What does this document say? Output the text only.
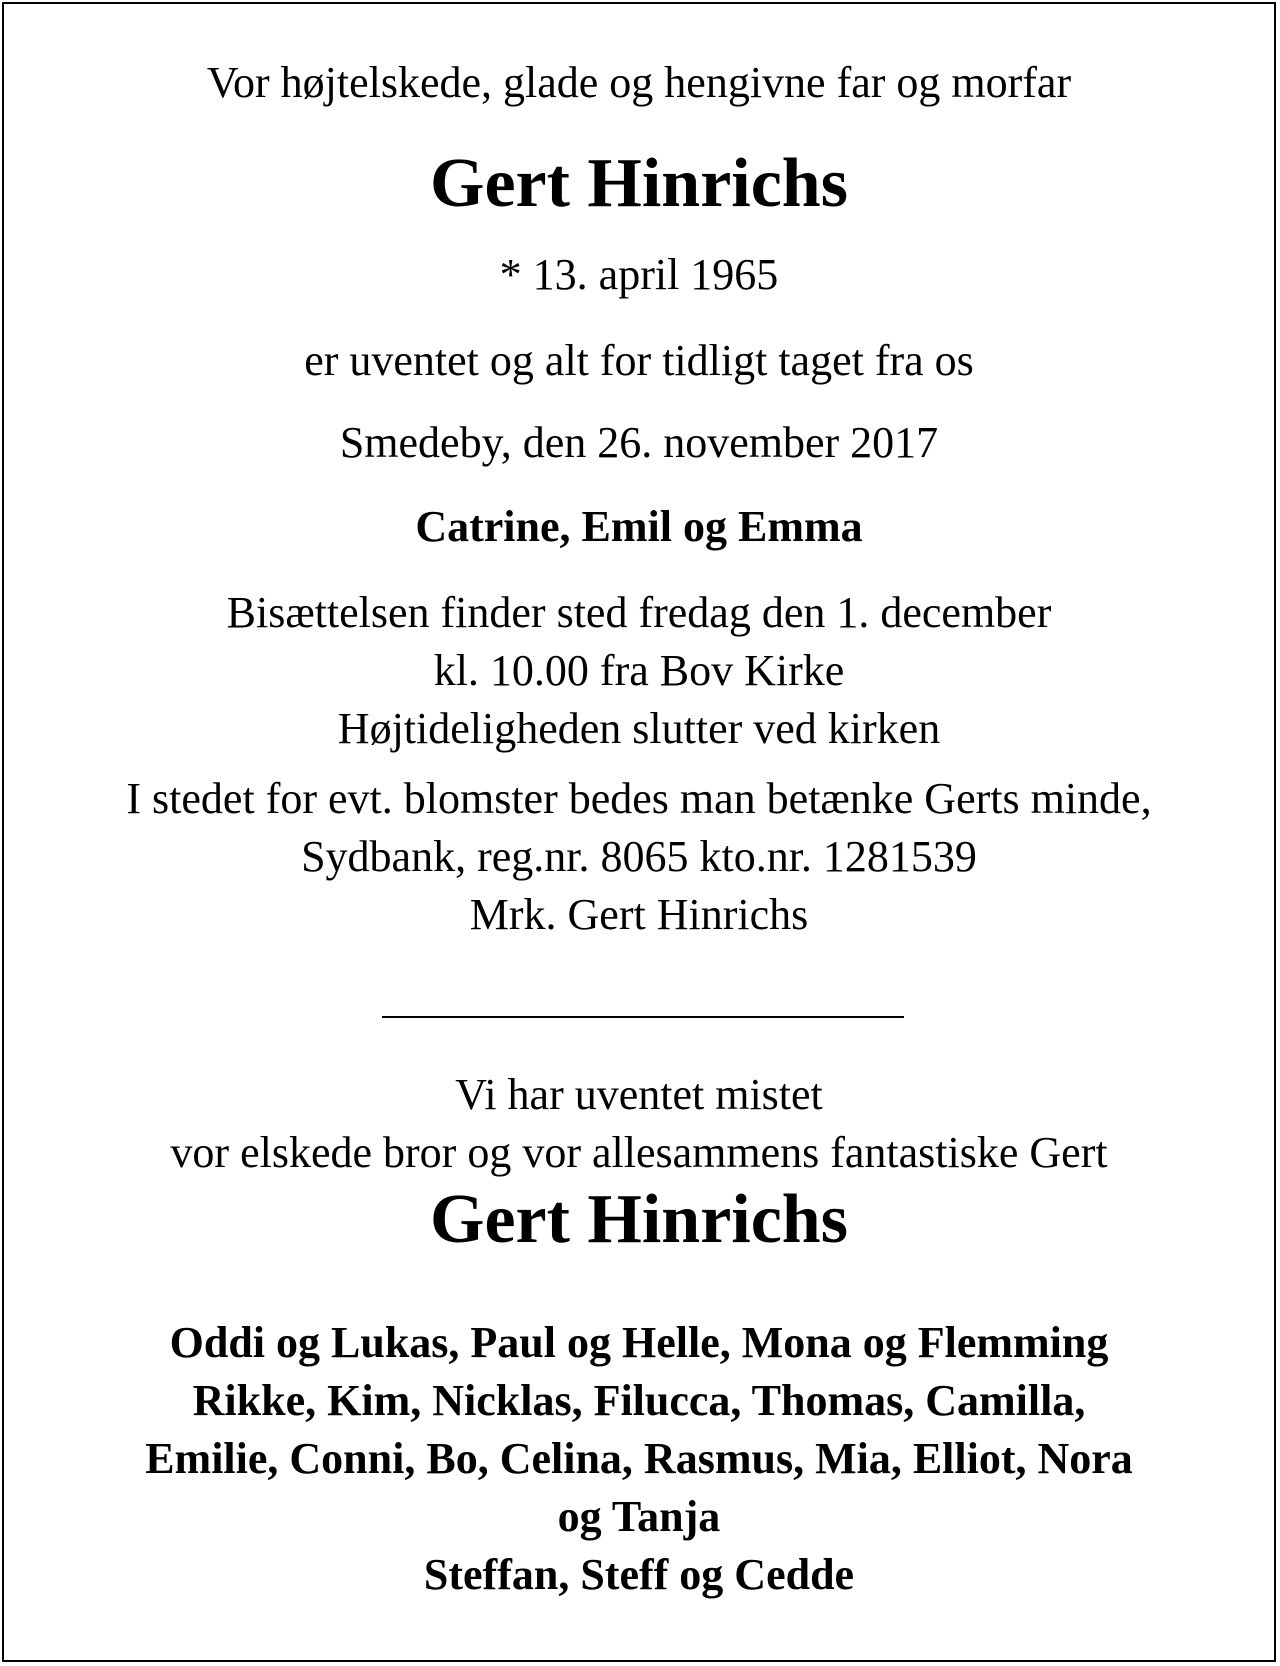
Vor højtelskede, glade og hengivne far og morfar

Gert Hinrichs

* 13. april 1965

er uventet og alt for tidligt taget fra os

Smedeby, den 26. november 2017

Catrine, Emil og Emma

Bisættelsen finder sted fredag den 1. december
kl. 10.00 fra Bov Kirke
Højtideligheden slutter ved kirken
I stedet for evt. blomster bedes man betænke Gerts minde,
Sydbank, reg.nr. 8065 kto.nr. 1281539
Mrk. Gert Hinrichs
Vi har uventet mistet
vor elskede bror og vor allesammens fantastiske Gert

Gert Hinrichs

Oddi og Lukas, Paul og Helle, Mona og Flemming
Rikke, Kim, Nicklas, Filucca, Thomas, Camilla,
Emilie, Conni, Bo, Celina, Rasmus, Mia, Elliot, Nora
og Tanja
Steffan, Steff og Cedde
